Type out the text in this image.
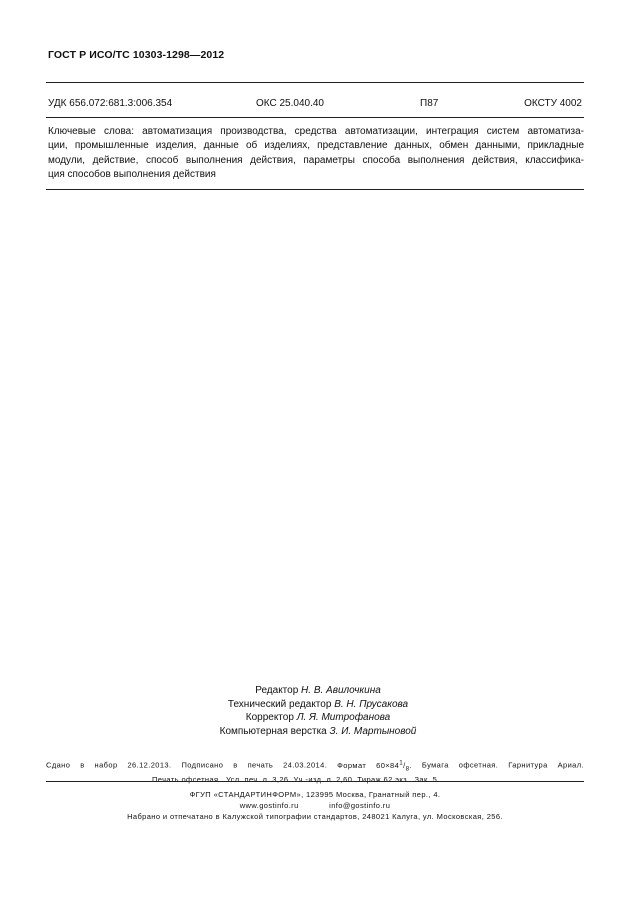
ГОСТ Р ИСО/ТС 10303-1298—2012
УДК 656.072:681.3:006.354	ОКС 25.040.40	П87	ОКСТУ 4002
Ключевые слова: автоматизация производства, средства автоматизации, интеграция систем автоматиза-
ции, промышленные изделия, данные об изделиях, представление данных, обмен данными, прикладные
модули, действие, способ выполнения действия, параметры способа выполнения действия, классифика-
ция способов выполнения действия
Редактор Н. В. Авилочкина
Технический редактор В. Н. Прусакова
Корректор Л. Я. Митрофанова
Компьютерная верстка З. И. Мартыновой
Сдано в набор 26.12.2013. Подписано в печать 24.03.2014. Формат $60\times 84^1/_8$. Бумага офсетная. Гарнитура Ариал.
Печать офсетная. Усл. печ. л. 3,26 Уч.-изд. л. 2,60 Тираж 62 экз. Зак. 5.
ФГУП «СТАНДАРТИНФОРМ», 123995 Москва, Гранатный пер., 4.
www.gostinfo.ru	info@gostinfo.ru
Набрано и отпечатано в Калужской типографии стандартов, 248021 Калуга, ул. Московская, 256.
